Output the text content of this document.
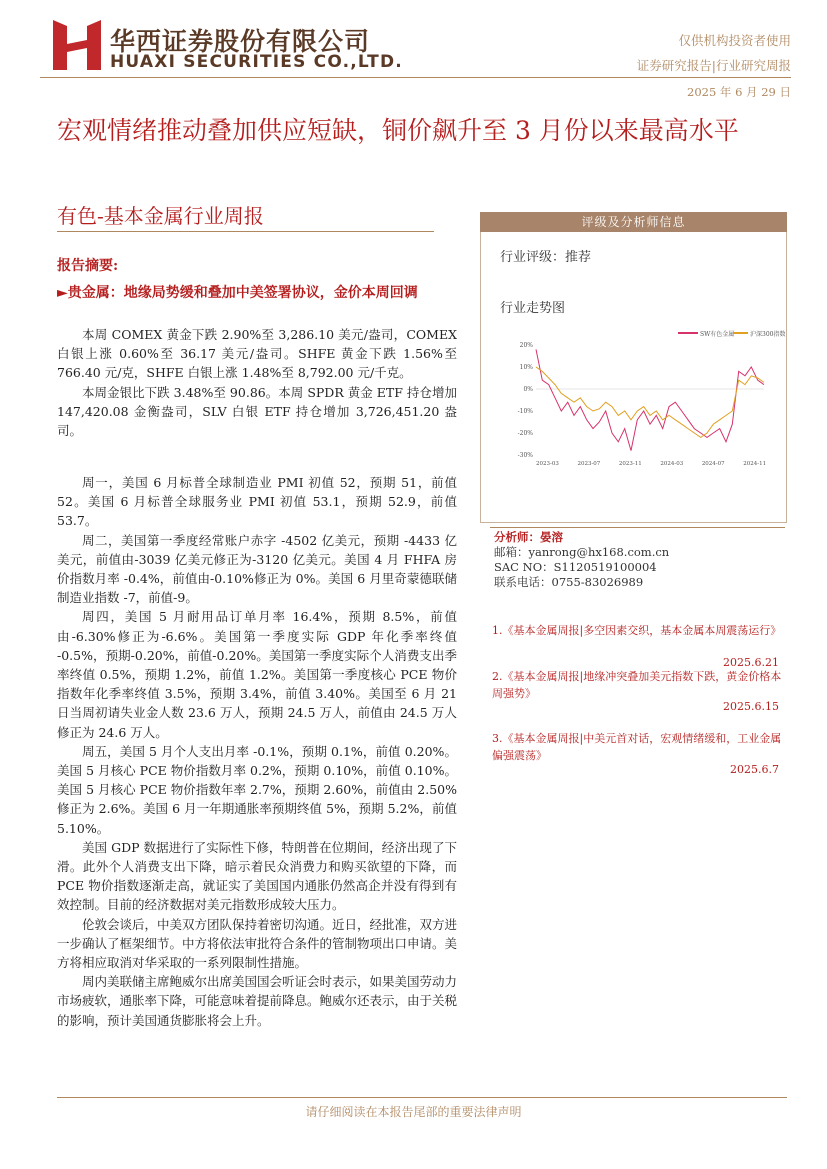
华西证券股份有限公司
HUAXI SECURITIES CO.,LTD.
仅供机构投资者使用
证券研究报告|行业研究周报
2025 年 6 月 29 日
宏观情绪推动叠加供应短缺，铜价飙升至 3 月份以来最高水平
有色-基本金属行业周报	评级及分析师信息
行业评级：推荐
行业走势图
SW有色金属	沪深300指数
20%
10%
0%
-10%
-20%
-30%
2023-03	2023-07	2023-11	2024-03	2024-07	2024-11
分析师：晏溶
邮箱：yanrong@hx168.com.cn
SAC NO：S1120519100004
联系电话：0755-83026989
1.《基本金属周报|多空因素交织，基本金属本周震荡运行》
2025.6.21
2.《基本金属周报|地缘冲突叠加美元指数下跌，黄金价格本周强势》
2025.6.15
3.《基本金属周报|中美元首对话，宏观情绪缓和，工业金属偏强震荡》
2025.6.7
报告摘要:
►贵金属：地缘局势缓和叠加中美签署协议，金价本周回调

本周 COMEX 黄金下跌 2.90%至 3,286.10 美元/盎司，COMEX 白银上涨 0.60%至 36.17 美元/盎司。SHFE 黄金下跌 1.56%至 766.40 元/克，SHFE 白银上涨 1.48%至 8,792.00 元/千克。

本周金银比下跌 3.48%至 90.86。本周 SPDR 黄金 ETF 持仓增加 147,420.08 金衡盎司，SLV 白银 ETF 持仓增加 3,726,451.20 盎司。

周一，美国 6 月标普全球制造业 PMI 初值 52，预期 51，前值 52。美国 6 月标普全球服务业 PMI 初值 53.1，预期 52.9，前值 53.7。

周二，美国第一季度经常账户赤字 -4502 亿美元，预期 -4433 亿美元，前值由-3039 亿美元修正为-3120 亿美元。美国 4 月 FHFA 房价指数月率 -0.4%，前值由-0.10%修正为 0%。美国 6 月里奇蒙德联储制造业指数 -7，前值-9。

周四，美国 5 月耐用品订单月率 16.4%，预期 8.5%，前值由-6.30%修正为-6.6%。美国第一季度实际 GDP 年化季率终值 -0.5%，预期-0.20%，前值-0.20%。美国第一季度实际个人消费支出季率终值 0.5%，预期 1.2%，前值 1.2%。美国第一季度核心 PCE 物价指数年化季率终值 3.5%，预期 3.4%，前值 3.40%。美国至 6 月 21 日当周初请失业金人数 23.6 万人，预期 24.5 万人，前值由 24.5 万人修正为 24.6 万人。

周五，美国 5 月个人支出月率 -0.1%，预期 0.1%，前值 0.20%。美国 5 月核心 PCE 物价指数月率 0.2%，预期 0.10%，前值 0.10%。美国 5 月核心 PCE 物价指数年率 2.7%，预期 2.60%，前值由 2.50%修正为 2.6%。美国 6 月一年期通胀率预期终值 5%，预期 5.2%，前值 5.10%。

美国 GDP 数据进行了实际性下修，特朗普在位期间，经济出现了下滑。此外个人消费支出下降，暗示着民众消费力和购买欲望的下降，而 PCE 物价指数逐渐走高，就证实了美国国内通胀仍然高企并没有得到有效控制。目前的经济数据对美元指数形成较大压力。

伦敦会谈后，中美双方团队保持着密切沟通。近日，经批准，双方进一步确认了框架细节。中方将依法审批符合条件的管制物项出口申请。美方将相应取消对华采取的一系列限制性措施。

周内美联储主席鲍威尔出席美国国会听证会时表示，如果美国劳动力市场疲软，通胀率下降，可能意味着提前降息。鲍威尔还表示，由于关税的影响，预计美国通货膨胀将会上升。

请仔细阅读在本报告尾部的重要法律声明
